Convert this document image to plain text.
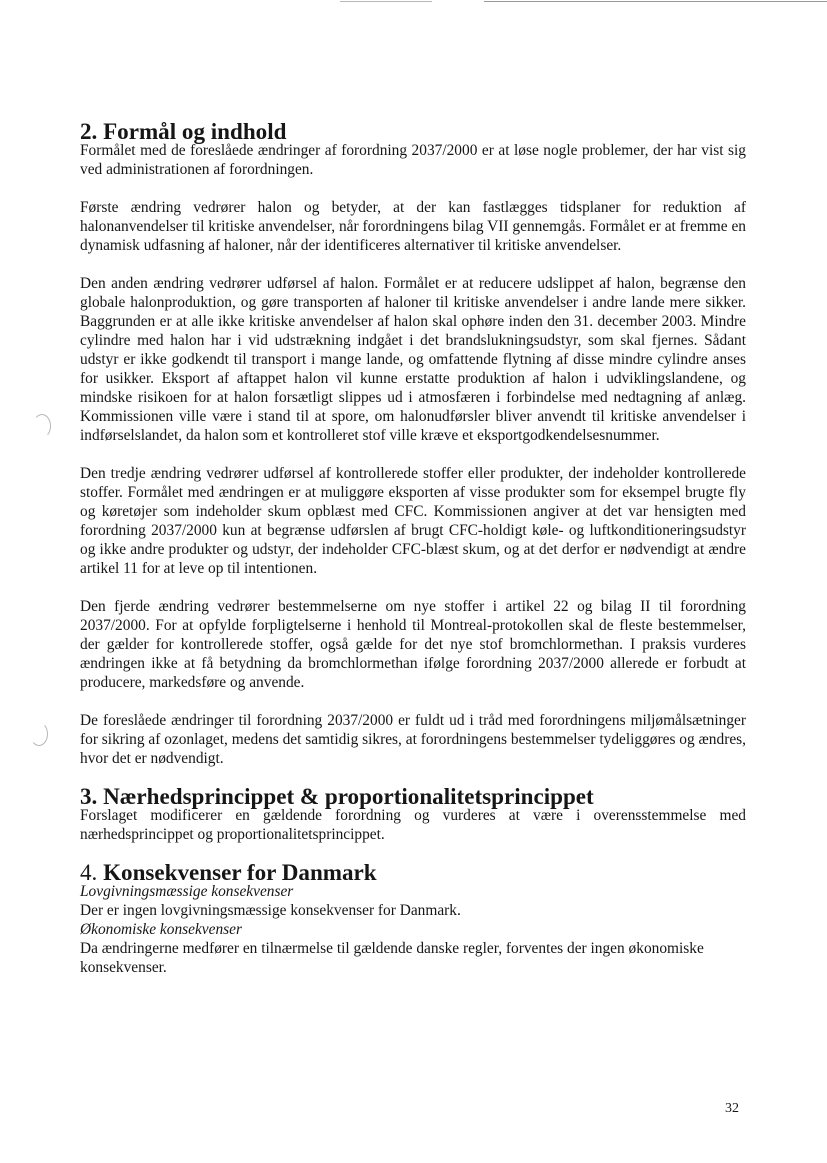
2. Formål og indhold

Formålet med de foreslåede ændringer af forordning 2037/2000 er at løse nogle problemer, der har vist sig ved administrationen af forordningen.

Første ændring vedrører halon og betyder, at der kan fastlægges tidsplaner for reduktion af halonanvendelser til kritiske anvendelser, når forordningens bilag VII gennemgås. Formålet er at fremme en dynamisk udfasning af haloner, når der identificeres alternativer til kritiske anvendelser.

Den anden ændring vedrører udførsel af halon. Formålet er at reducere udslippet af halon, begrænse den globale halonproduktion, og gøre transporten af haloner til kritiske anvendelser i andre lande mere sikker. Baggrunden er at alle ikke kritiske anvendelser af halon skal ophøre inden den 31. december 2003. Mindre cylindre med halon har i vid udstrækning indgået i det brandslukningsudstyr, som skal fjernes. Sådant udstyr er ikke godkendt til transport i mange lande, og omfattende flytning af disse mindre cylindre anses for usikker. Eksport af aftappet halon vil kunne erstatte produktion af halon i udviklingslandene, og mindske risikoen for at halon forsætligt slippes ud i atmosfæren i forbindelse med nedtagning af anlæg. Kommissionen ville være i stand til at spore, om halonudførsler bliver anvendt til kritiske anvendelser i indførselslandet, da halon som et kontrolleret stof ville kræve et eksportgodkendelsesnummer.

Den tredje ændring vedrører udførsel af kontrollerede stoffer eller produkter, der indeholder kontrollerede stoffer. Formålet med ændringen er at muliggøre eksporten af visse produkter som for eksempel brugte fly og køretøjer som indeholder skum opblæst med CFC. Kommissionen angiver at det var hensigten med forordning 2037/2000 kun at begrænse udførslen af brugt CFC-holdigt køle- og luftkonditioneringsudstyr og ikke andre produkter og udstyr, der indeholder CFC-blæst skum, og at det derfor er nødvendigt at ændre artikel 11 for at leve op til intentionen.

Den fjerde ændring vedrører bestemmelserne om nye stoffer i artikel 22 og bilag II til forordning 2037/2000. For at opfylde forpligtelserne i henhold til Montreal-protokollen skal de fleste bestemmelser, der gælder for kontrollerede stoffer, også gælde for det nye stof bromchlormethan. I praksis vurderes ændringen ikke at få betydning da bromchlormethan ifølge forordning 2037/2000 allerede er forbudt at producere, markedsføre og anvende.

De foreslåede ændringer til forordning 2037/2000 er fuldt ud i tråd med forordningens miljømålsætninger for sikring af ozonlaget, medens det samtidig sikres, at forordningens bestemmelser tydeliggøres og ændres, hvor det er nødvendigt.

3. Nærhedsprincippet & proportionalitetsprincippet

Forslaget modificerer en gældende forordning og vurderes at være i overensstemmelse med nærhedsprincippet og proportionalitetsprincippet.

4. Konsekvenser for Danmark

Lovgivningsmæssige konsekvenser

Der er ingen lovgivningsmæssige konsekvenser for Danmark.

Økonomiske konsekvenser

Da ændringerne medfører en tilnærmelse til gældende danske regler, forventes der ingen økonomiske konsekvenser.

32
